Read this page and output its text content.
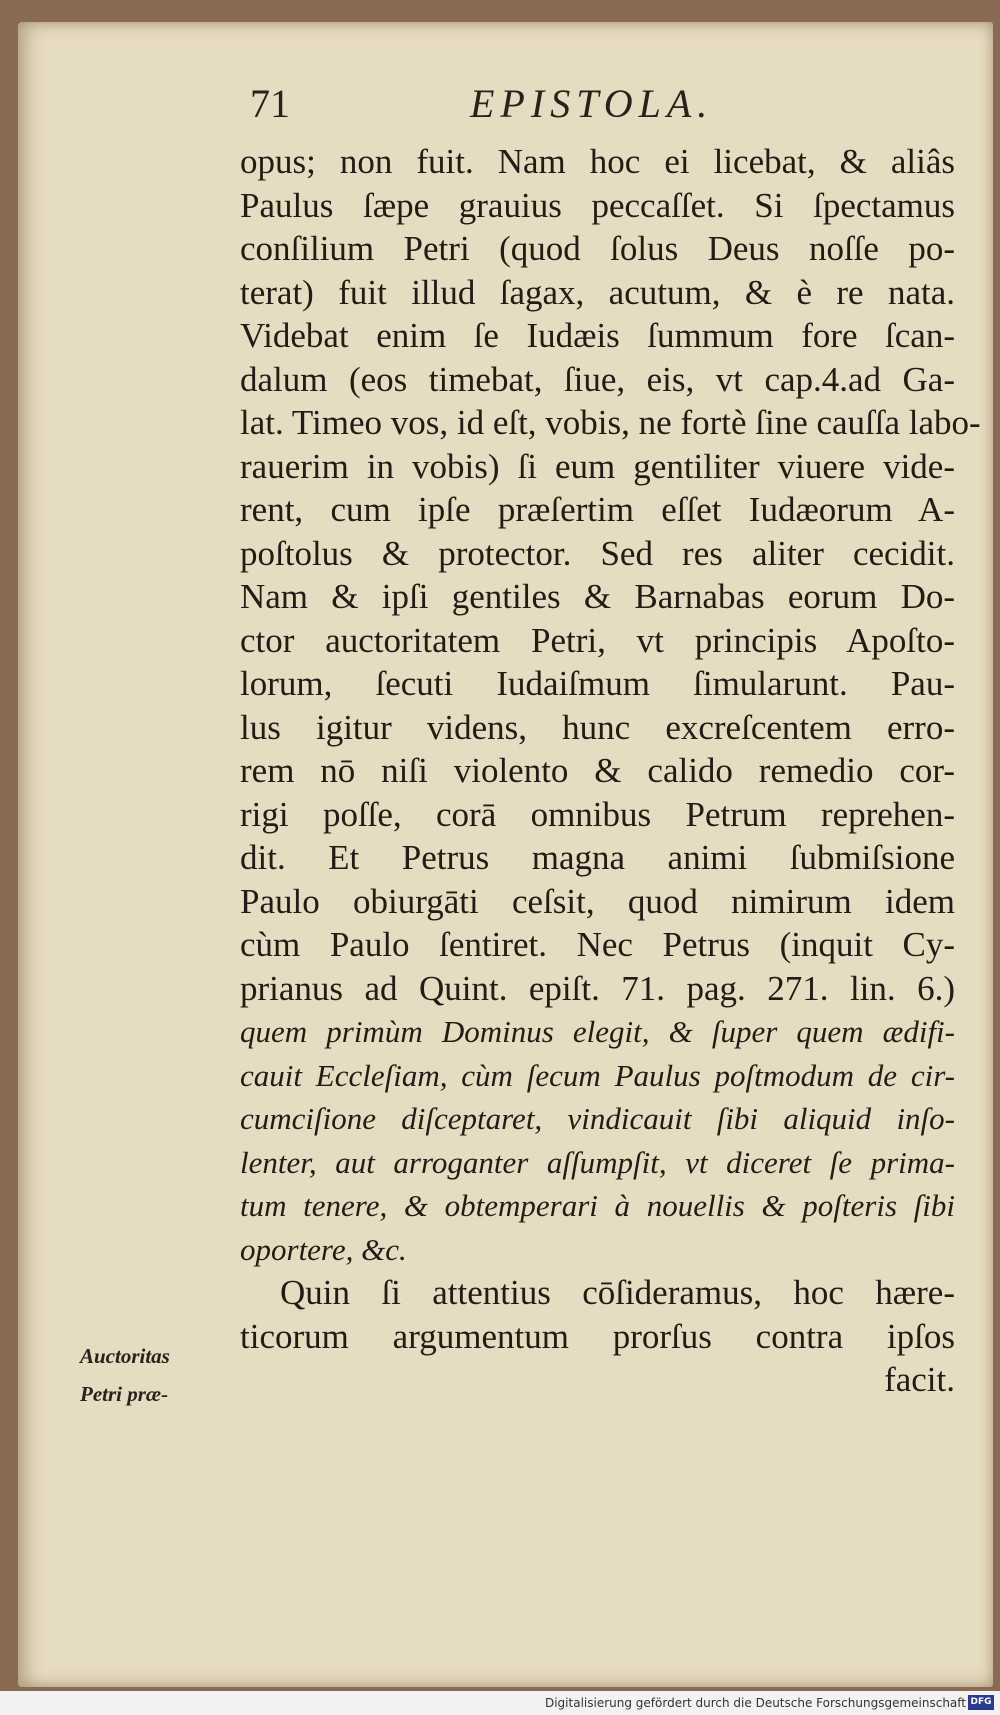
71	EPISTOLA.
opus; non fuit. Nam hoc ei licebat, & aliâs
Paulus ſæpe grauius peccaſſet. Si ſpectamus
conſilium Petri (quod ſolus Deus noſſe po-
terat) fuit illud ſagax, acutum, & è re nata.
Videbat enim ſe Iudæis ſummum fore ſcan-
dalum (eos timebat, ſiue, eis, vt cap.4.ad Ga-
lat. Timeo vos, id eſt, vobis, ne fortè ſine cauſſa labo-
rauerim in vobis) ſi eum gentiliter viuere vide-
rent, cum ipſe præſertim eſſet Iudæorum A-
poſtolus & protector. Sed res aliter cecidit.
Nam & ipſi gentiles & Barnabas eorum Do-
ctor auctoritatem Petri, vt principis Apoſto-
lorum, ſecuti Iudaiſmum ſimularunt. Pau-
lus igitur videns, hunc excreſcentem erro-
rem nō niſi violento & calido remedio cor-
rigi poſſe, corā omnibus Petrum reprehen-
dit. Et Petrus magna animi ſubmiſsione
Paulo obiurgāti ceſsit, quod nimirum idem
cùm Paulo ſentiret. Nec Petrus (inquit Cy-
prianus ad Quint. epiſt. 71. pag. 271. lin. 6.)
quem primùm Dominus elegit, & ſuper quem ædifi-
cauit Eccleſiam, cùm ſecum Paulus poſtmodum de cir-
cumciſione diſceptaret, vindicauit ſibi aliquid inſo-
lenter, aut arroganter aſſumpſit, vt diceret ſe prima-
tum tenere, & obtemperari à nouellis & poſteris ſibi
oportere, &c.
Quin ſi attentius cōſideramus, hoc hære-
ticorum argumentum prorſus contra ipſos
facit.
Auctoritas
Petri præ-
Digitalisierung gefördert durch die Deutsche Forschungsgemeinschaft DFG
